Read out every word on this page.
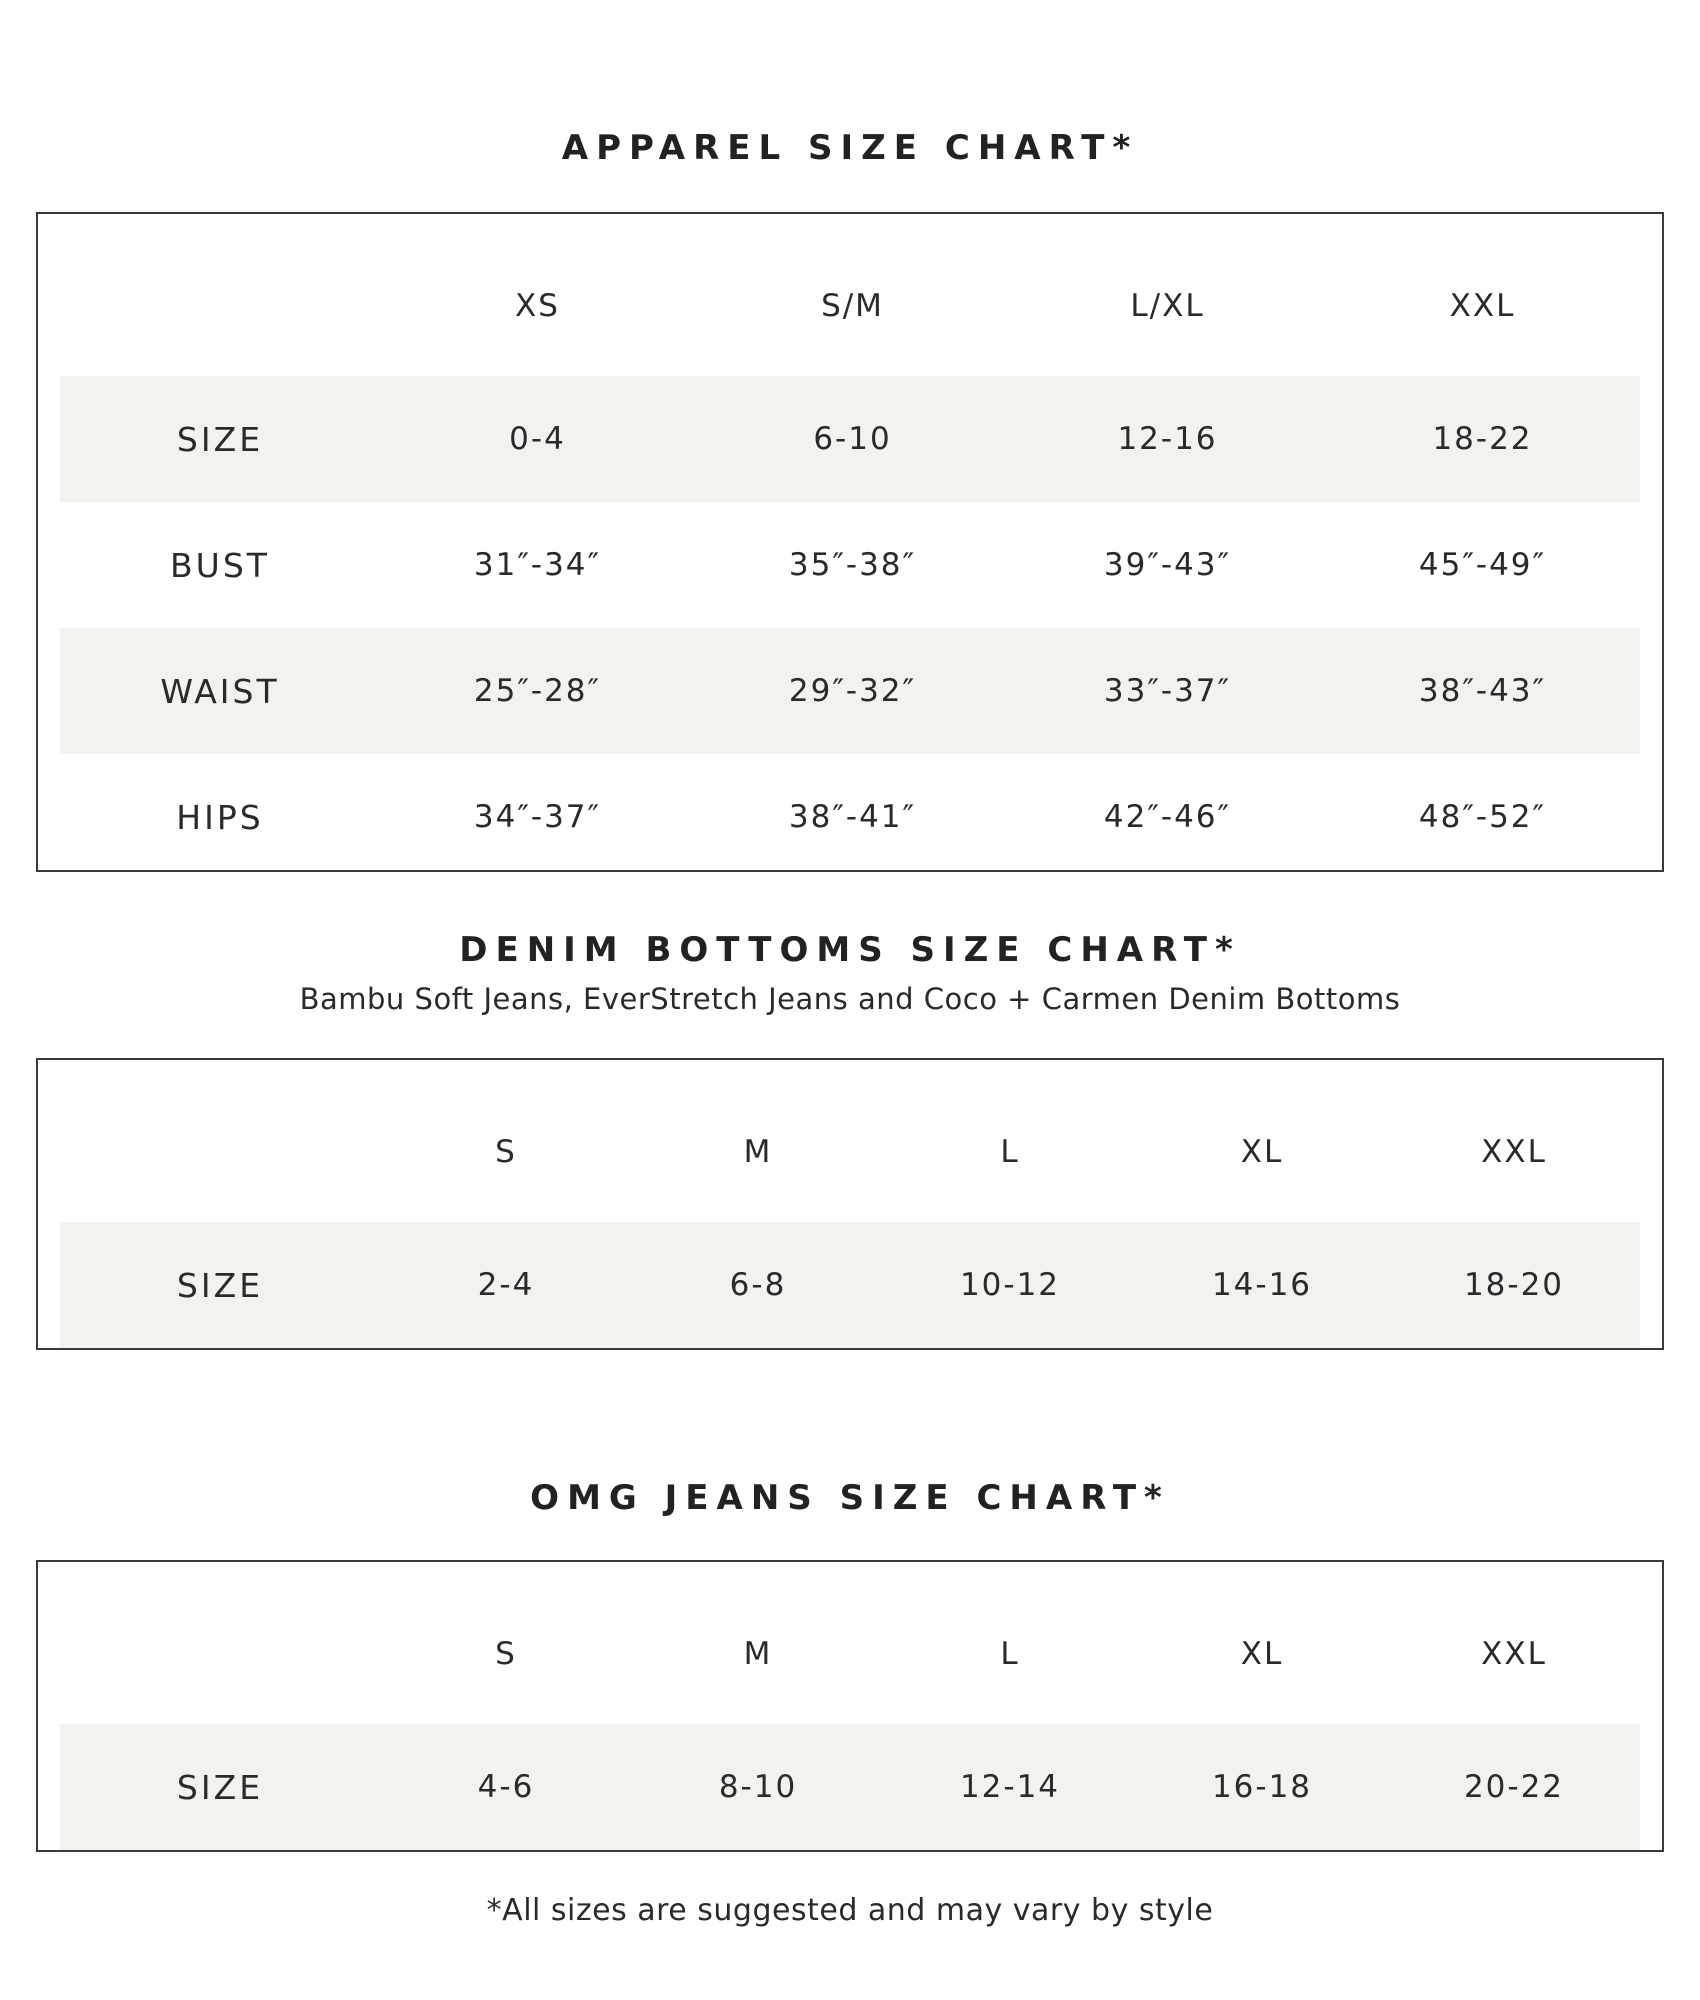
APPAREL SIZE CHART*
	XS	S/M	L/XL	XXL
SIZE	0-4	6-10	12-16	18-22
BUST	31″-34″	35″-38″	39″-43″	45″-49″
WAIST	25″-28″	29″-32″	33″-37″	38″-43″
HIPS	34″-37″	38″-41″	42″-46″	48″-52″
DENIM BOTTOMS SIZE CHART*

Bambu Soft Jeans, EverStretch Jeans and Coco + Carmen Denim Bottoms

	S	M	L	XL	XXL
SIZE	2-4	6-8	10-12	14-16	18-20
OMG JEANS SIZE CHART*
	S	M	L	XL	XXL
SIZE	4-6	8-10	12-14	16-18	20-22

*All sizes are suggested and may vary by style
